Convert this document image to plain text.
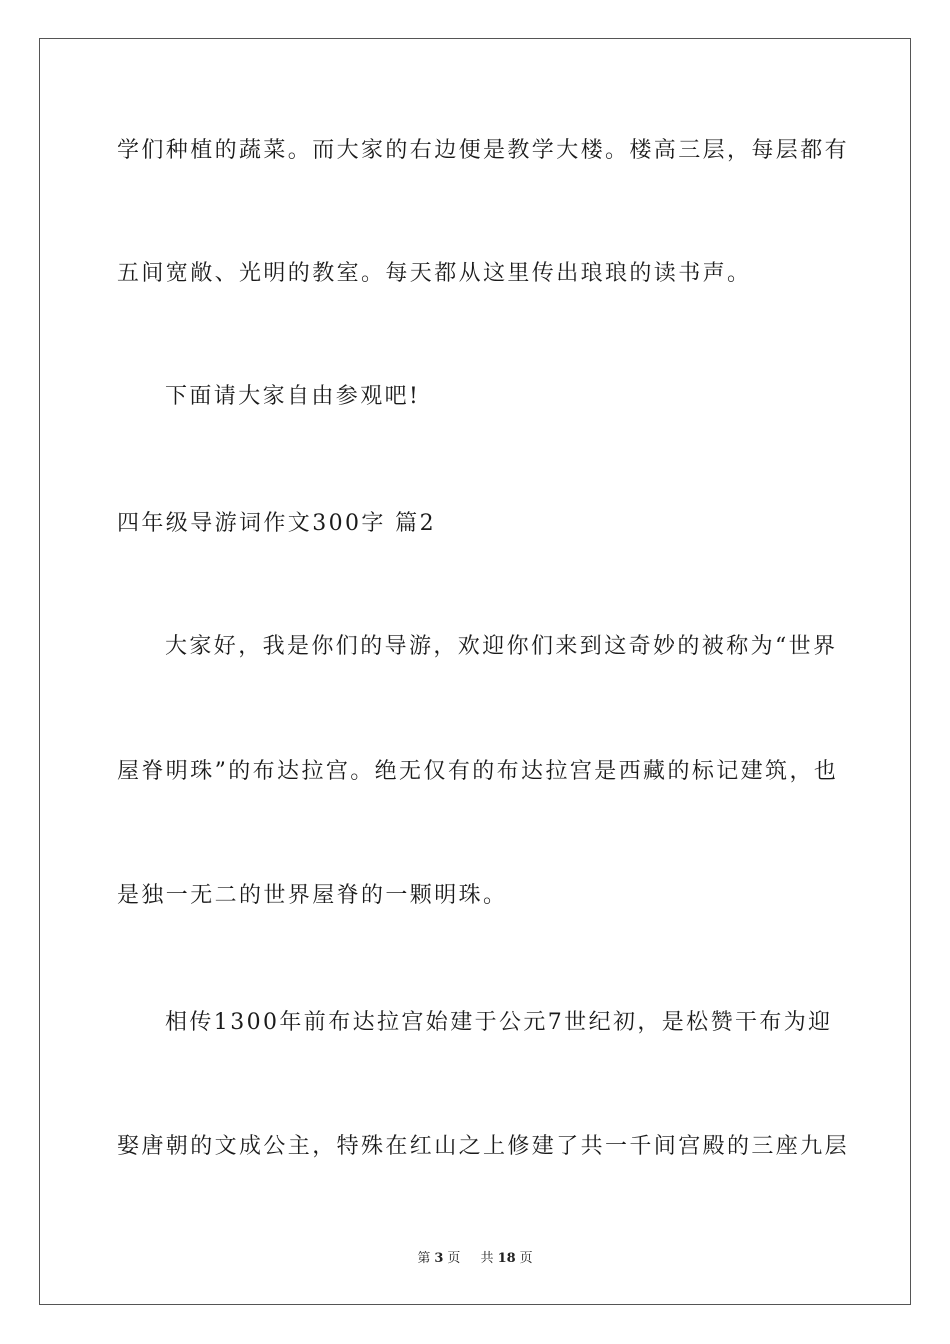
学们种植的蔬菜。而大家的右边便是教学大楼。楼高三层，每层都有
五间宽敞、光明的教室。每天都从这里传出琅琅的读书声。
下面请大家自由参观吧!
四年级导游词作文300字 篇2
大家好，我是你们的导游，欢迎你们来到这奇妙的被称为“世界
屋脊明珠”的布达拉宫。绝无仅有的布达拉宫是西藏的标记建筑，也
是独一无二的世界屋脊的一颗明珠。
相传1300年前布达拉宫始建于公元7世纪初，是松赞干布为迎
娶唐朝的文成公主，特殊在红山之上修建了共一千间宫殿的三座九层
第 3 页 共 18 页
